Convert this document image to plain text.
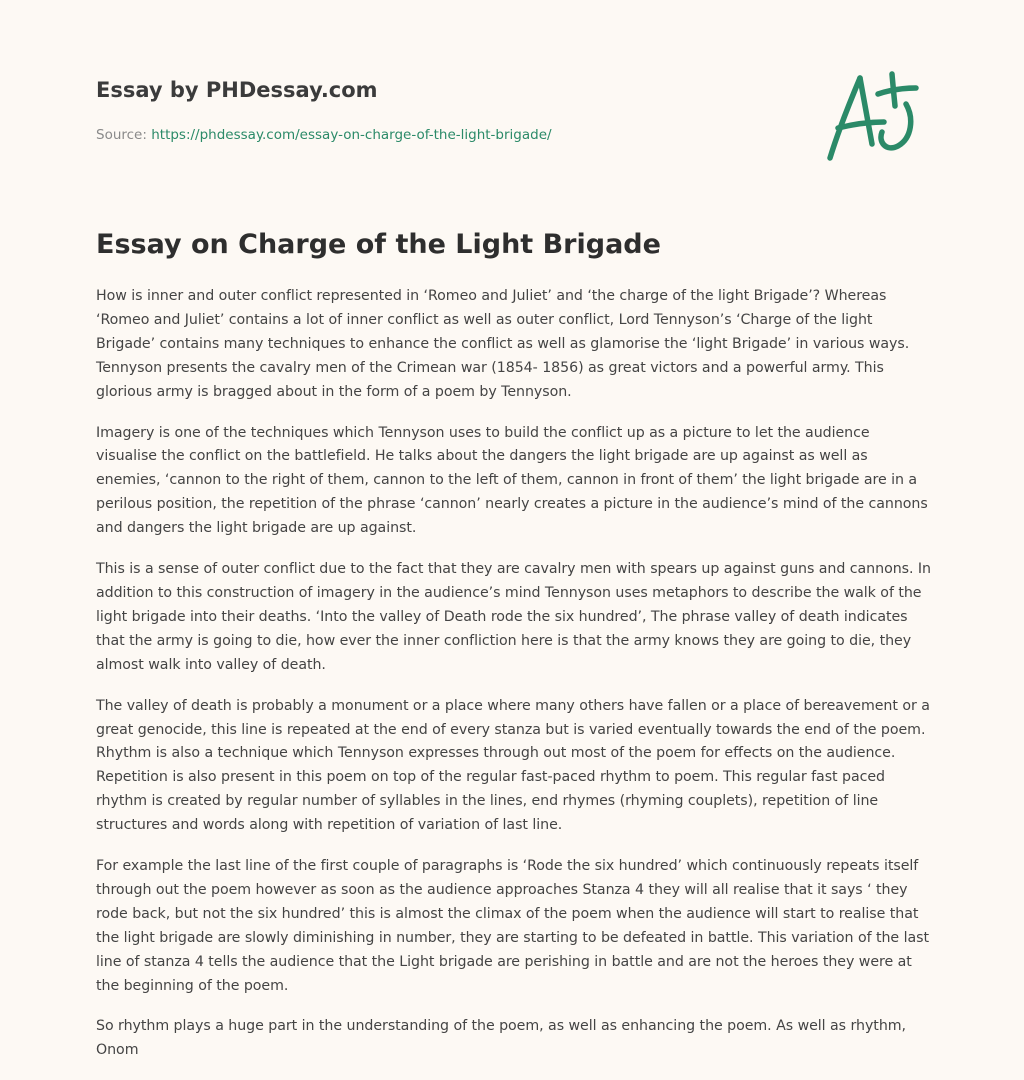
Essay by PHDessay.com
Source: https://phdessay.com/essay-on-charge-of-the-light-brigade/
Essay on Charge of the Light Brigade

How is inner and outer conflict represented in ‘Romeo and Juliet’ and ‘the charge of the light Brigade’? Whereas ‘Romeo and Juliet’ contains a lot of inner conflict as well as outer conflict, Lord Tennyson’s ‘Charge of the light Brigade’ contains many techniques to enhance the conflict as well as glamorise the ‘light Brigade’ in various ways. Tennyson presents the cavalry men of the Crimean war (1854- 1856) as great victors and a powerful army. This glorious army is bragged about in the form of a poem by Tennyson.

Imagery is one of the techniques which Tennyson uses to build the conflict up as a picture to let the audience visualise the conflict on the battlefield. He talks about the dangers the light brigade are up against as well as enemies, ‘cannon to the right of them, cannon to the left of them, cannon in front of them’ the light brigade are in a perilous position, the repetition of the phrase ‘cannon’ nearly creates a picture in the audience’s mind of the cannons and dangers the light brigade are up against.

This is a sense of outer conflict due to the fact that they are cavalry men with spears up against guns and cannons. In addition to this construction of imagery in the audience’s mind Tennyson uses metaphors to describe the walk of the light brigade into their deaths. ‘Into the valley of Death rode the six hundred’, The phrase valley of death indicates that the army is going to die, how ever the inner confliction here is that the army knows they are going to die, they almost walk into valley of death.

The valley of death is probably a monument or a place where many others have fallen or a place of bereavement or a great genocide, this line is repeated at the end of every stanza but is varied eventually towards the end of the poem. Rhythm is also a technique which Tennyson expresses through out most of the poem for effects on the audience. Repetition is also present in this poem on top of the regular fast-paced rhythm to poem. This regular fast paced rhythm is created by regular number of syllables in the lines, end rhymes (rhyming couplets), repetition of line structures and words along with repetition of variation of last line.

For example the last line of the first couple of paragraphs is ‘Rode the six hundred’ which continuously repeats itself through out the poem however as soon as the audience approaches Stanza 4 they will all realise that it says ‘ they rode back, but not the six hundred’ this is almost the climax of the poem when the audience will start to realise that the light brigade are slowly diminishing in number, they are starting to be defeated in battle. This variation of the last line of stanza 4 tells the audience that the Light brigade are perishing in battle and are not the heroes they were at the beginning of the poem.

So rhythm plays a huge part in the understanding of the poem, as well as enhancing the poem. As well as rhythm, Onom
